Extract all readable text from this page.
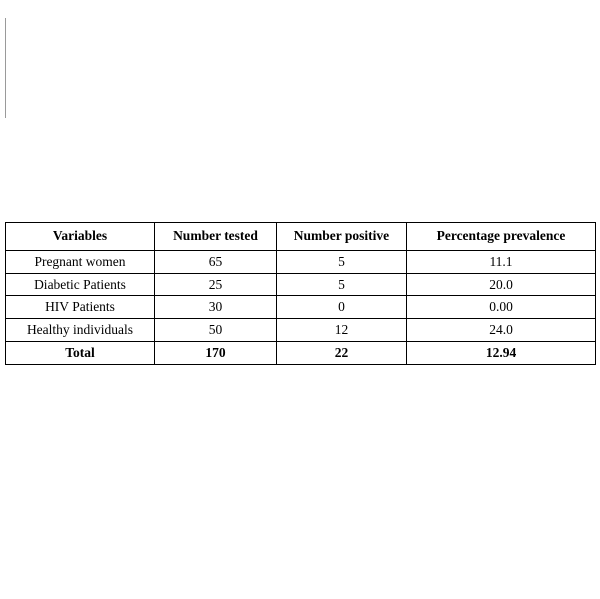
Variables	Number tested	Number positive	Percentage prevalence
Pregnant women	65	5	11.1
Diabetic Patients	25	5	20.0
HIV Patients	30	0	0.00
Healthy individuals	50	12	24.0
Total	170	22	12.94
